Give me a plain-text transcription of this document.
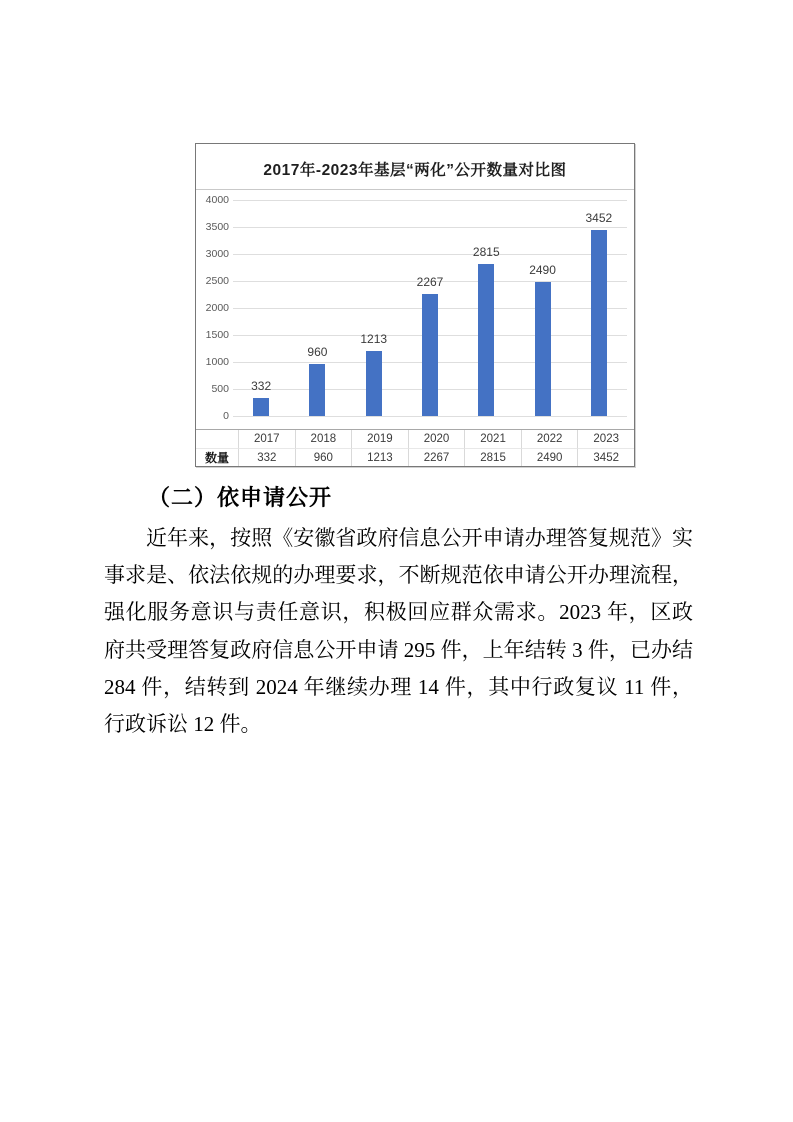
2017年-2023年基层“两化”公开数量对比图
0
500
1000
1500
2000
2500
3000
3500
4000
332
960
1213
2267
2815
2490
3452
2017	2018	2019	2020	2021	2022	2023
数量	332	960	1213	2267	2815	2490	3452
（二）依申请公开

近年来，按照《安徽省政府信息公开申请办理答复规范》实事求是、依法依规的办理要求，不断规范依申请公开办理流程，强化服务意识与责任意识，积极回应群众需求。2023 年，区政府共受理答复政府信息公开申请 295 件，上年结转 3 件，已办结 284 件，结转到 2024 年继续办理 14 件，其中行政复议 11 件，行政诉讼 12 件。
